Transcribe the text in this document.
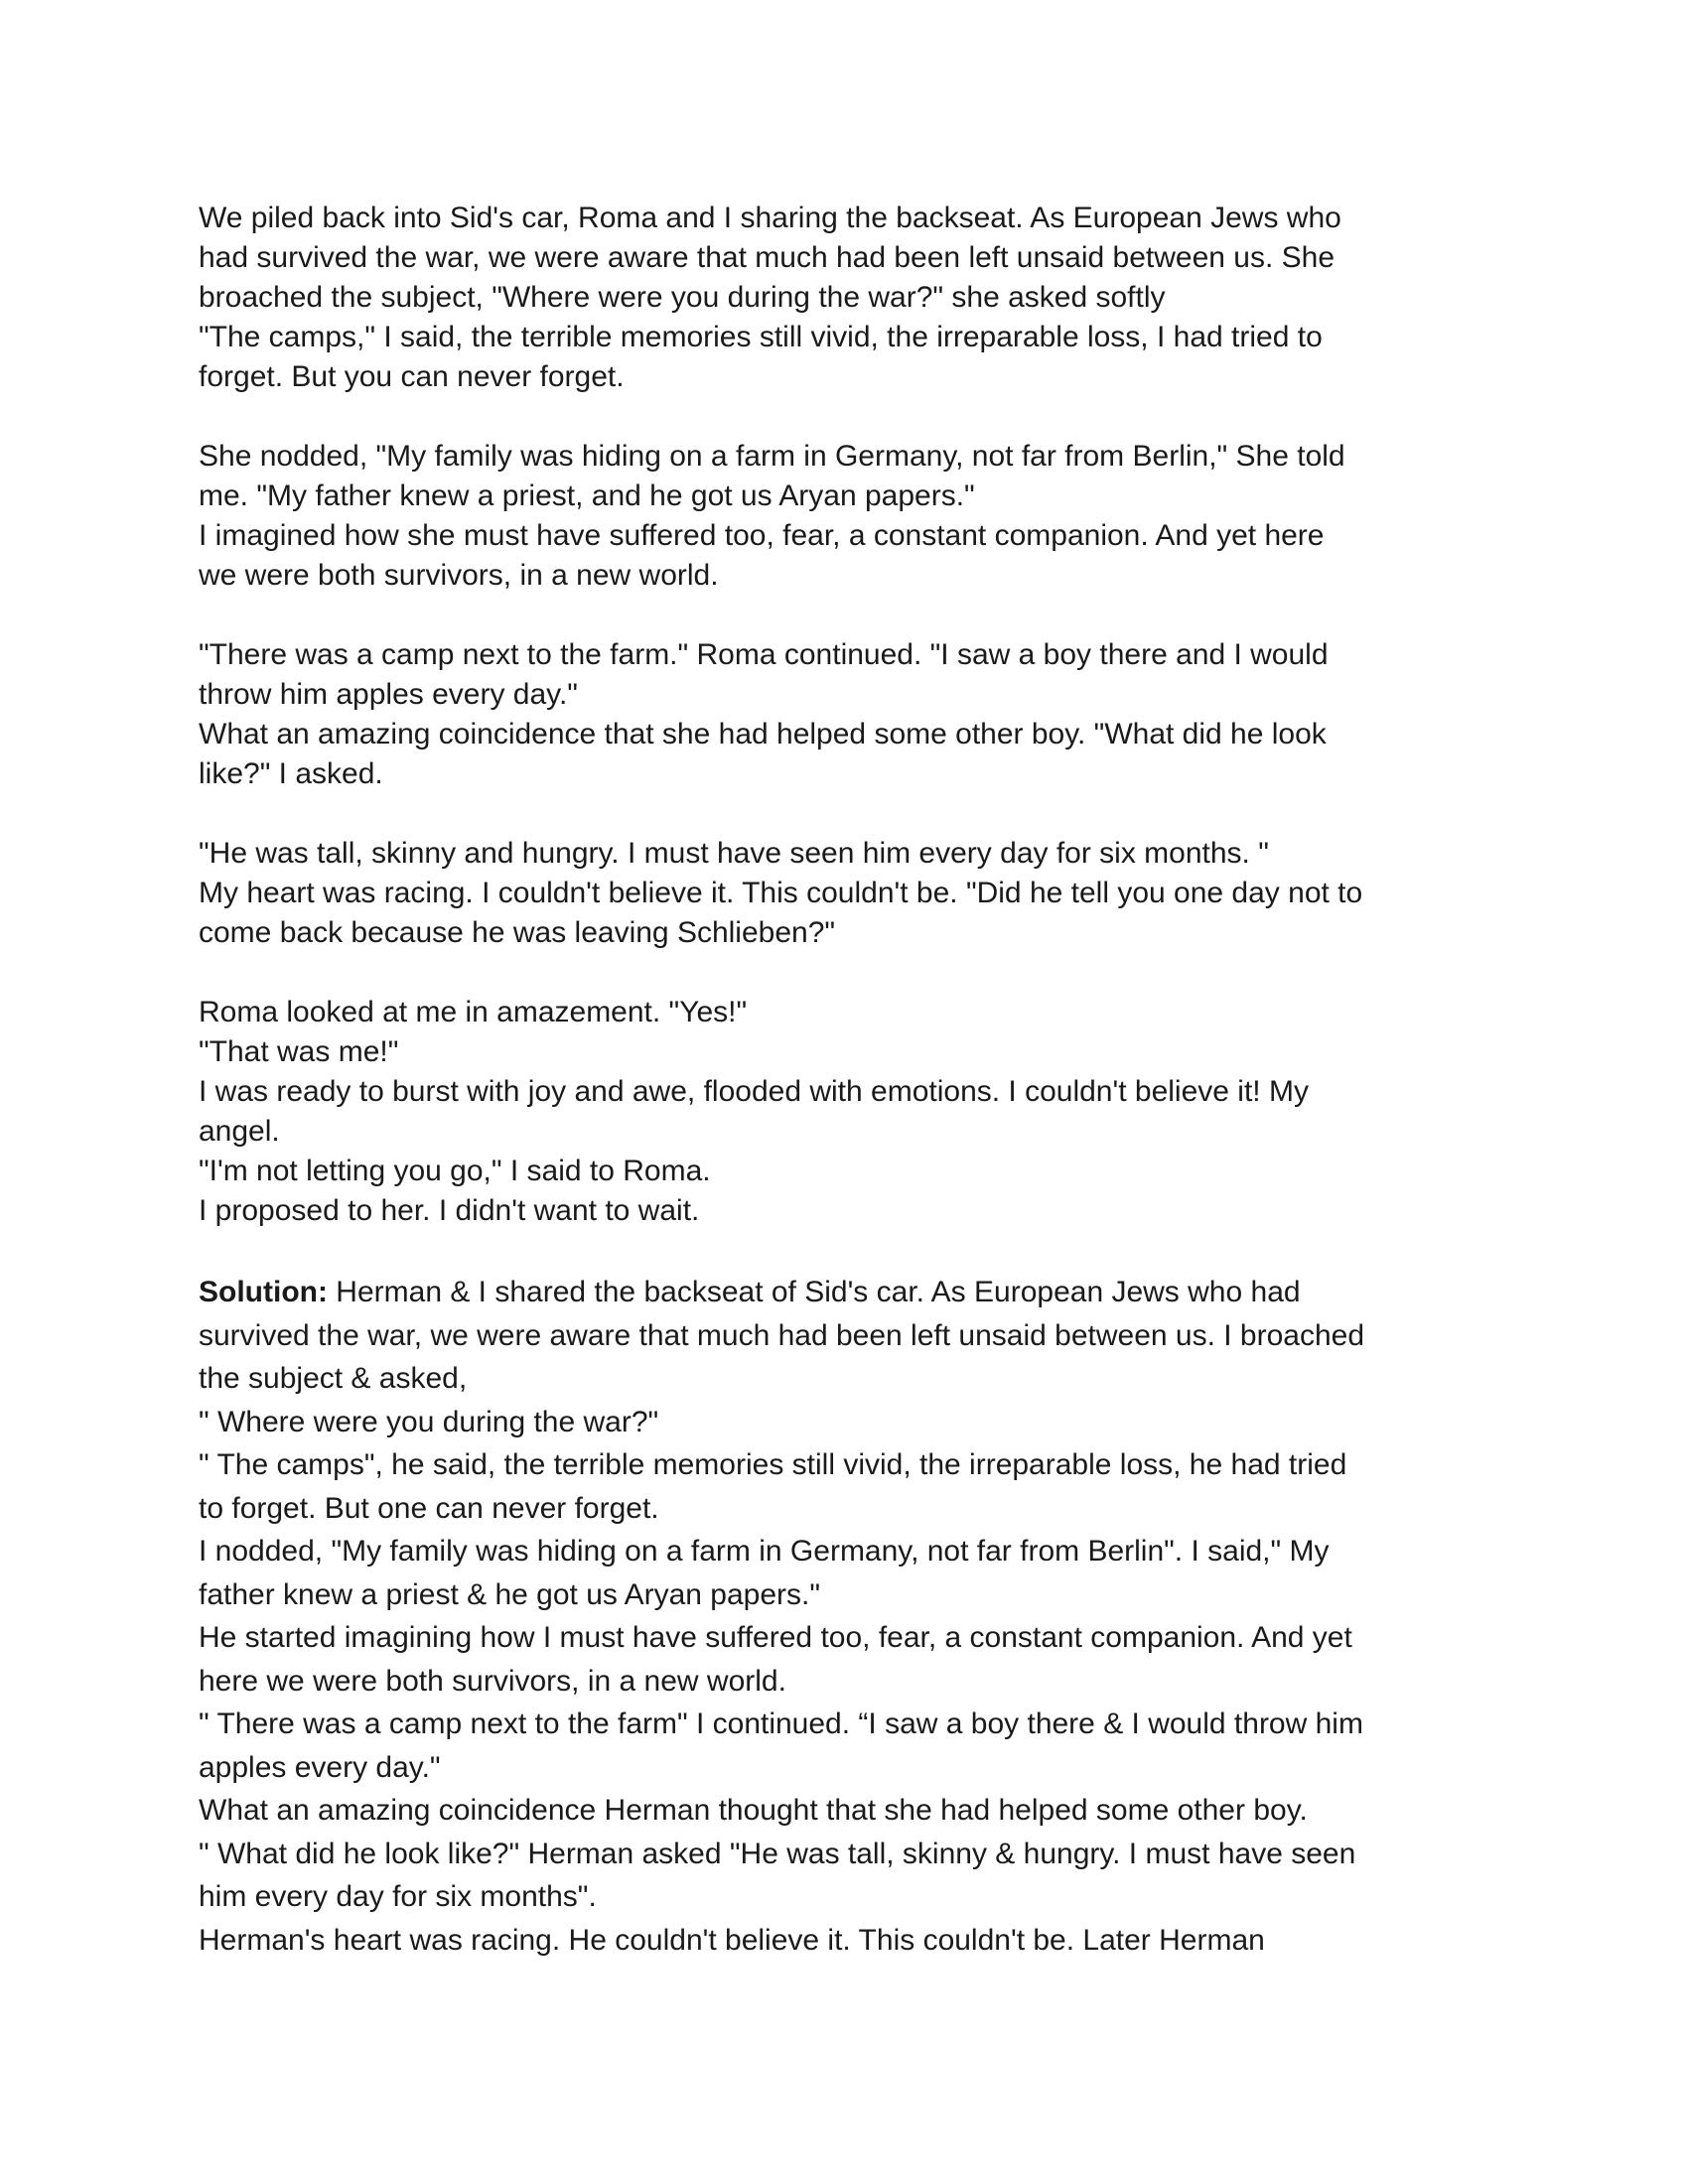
We piled back into Sid's car, Roma and I sharing the backseat. As European Jews who

had survived the war, we were aware that much had been left unsaid between us. She

broached the subject, "Where were you during the war?" she asked softly

"The camps," I said, the terrible memories still vivid, the irreparable loss, I had tried to

forget. But you can never forget.

She nodded, "My family was hiding on a farm in Germany, not far from Berlin," She told

me. "My father knew a priest, and he got us Aryan papers."

I imagined how she must have suffered too, fear, a constant companion. And yet here

we were both survivors, in a new world.

"There was a camp next to the farm." Roma continued. "I saw a boy there and I would

throw him apples every day."

What an amazing coincidence that she had helped some other boy. "What did he look

like?" I asked.

"He was tall, skinny and hungry. I must have seen him every day for six months. "

My heart was racing. I couldn't believe it. This couldn't be. "Did he tell you one day not to

come back because he was leaving Schlieben?"

Roma looked at me in amazement. "Yes!"

"That was me!"

I was ready to burst with joy and awe, flooded with emotions. I couldn't believe it! My

angel.

"I'm not letting you go," I said to Roma.

I proposed to her. I didn't want to wait.

Solution: Herman & I shared the backseat of Sid's car. As European Jews who had

survived the war, we were aware that much had been left unsaid between us. I broached

the subject & asked,

" Where were you during the war?"

" The camps", he said, the terrible memories still vivid, the irreparable loss, he had tried

to forget. But one can never forget.

I nodded, "My family was hiding on a farm in Germany, not far from Berlin". I said," My

father knew a priest & he got us Aryan papers."

He started imagining how I must have suffered too, fear, a constant companion. And yet

here we were both survivors, in a new world.

" There was a camp next to the farm" I continued. “I saw a boy there & I would throw him

apples every day."

What an amazing coincidence Herman thought that she had helped some other boy.

" What did he look like?" Herman asked "He was tall, skinny & hungry. I must have seen

him every day for six months".

Herman's heart was racing. He couldn't believe it. This couldn't be. Later Herman
